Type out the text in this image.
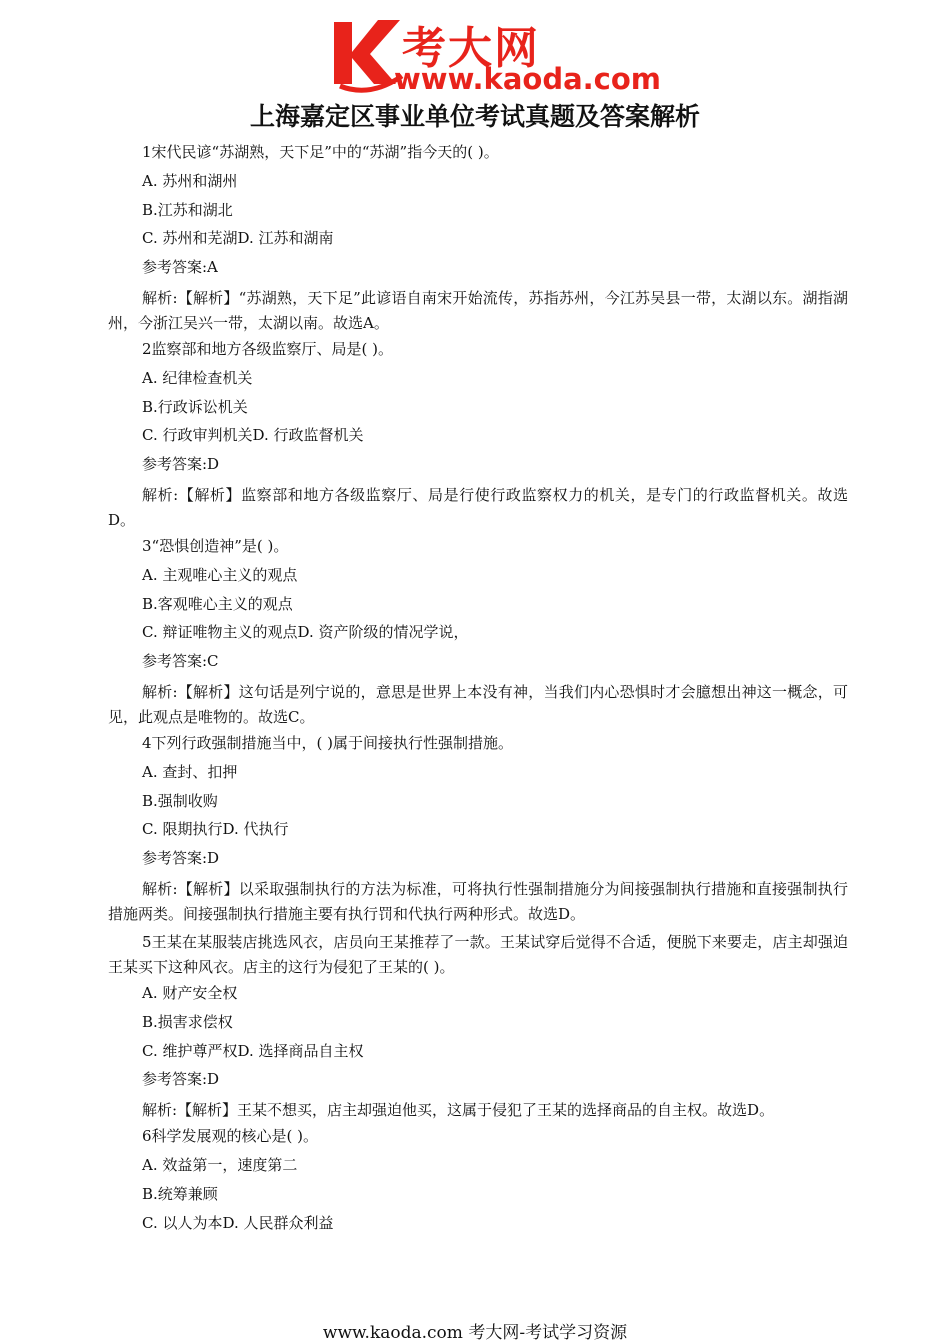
考大网
www.kaoda.com
上海嘉定区事业单位考试真题及答案解析
1宋代民谚“苏湖熟，天下足”中的“苏湖”指今天的( )。
A. 苏州和湖州
B.江苏和湖北
C. 苏州和芜湖D. 江苏和湖南
参考答案:A
解析:【解析】“苏湖熟，天下足”此谚语自南宋开始流传，苏指苏州，今江苏吴县一带，太湖以东。湖指湖州，今浙江吴兴一带，太湖以南。故选A。
2监察部和地方各级监察厅、局是( )。
A. 纪律检查机关
B.行政诉讼机关
C. 行政审判机关D. 行政监督机关
参考答案:D
解析:【解析】监察部和地方各级监察厅、局是行使行政监察权力的机关，是专门的行政监督机关。故选D。
3“恐惧创造神”是( )。
A. 主观唯心主义的观点
B.客观唯心主义的观点
C. 辩证唯物主义的观点D. 资产阶级的情况学说，
参考答案:C
解析:【解析】这句话是列宁说的，意思是世界上本没有神，当我们内心恐惧时才会臆想出神这一概念，可见，此观点是唯物的。故选C。
4下列行政强制措施当中，( )属于间接执行性强制措施。
A. 查封、扣押
B.强制收购
C. 限期执行D. 代执行
参考答案:D
解析:【解析】以采取强制执行的方法为标准，可将执行性强制措施分为间接强制执行措施和直接强制执行措施两类。间接强制执行措施主要有执行罚和代执行两种形式。故选D。
5王某在某服装店挑选风衣，店员向王某推荐了一款。王某试穿后觉得不合适，便脱下来要走，店主却强迫王某买下这种风衣。店主的这行为侵犯了王某的( )。
A. 财产安全权
B.损害求偿权
C. 维护尊严权D. 选择商品自主权
参考答案:D
解析:【解析】王某不想买，店主却强迫他买，这属于侵犯了王某的选择商品的自主权。故选D。
6科学发展观的核心是( )。
A. 效益第一，速度第二
B.统筹兼顾
C. 以人为本D. 人民群众利益
www.kaoda.com 考大网-考试学习资源
